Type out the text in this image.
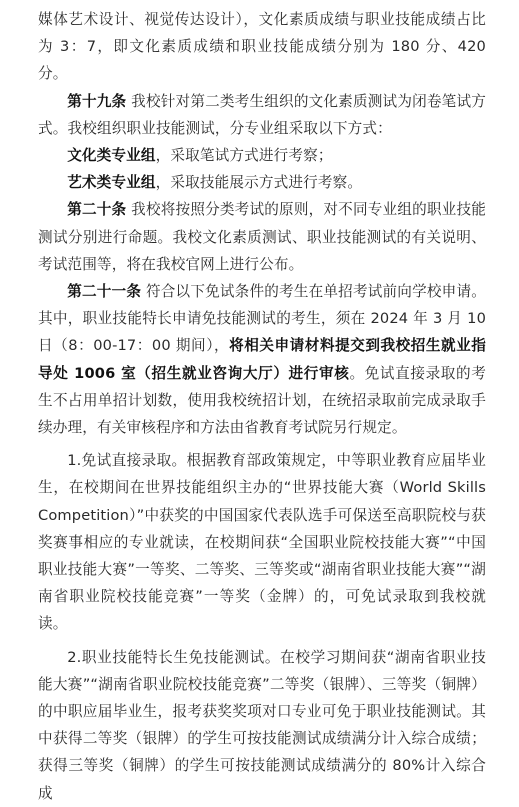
媒体艺术设计、视觉传达设计），文化素质成绩与职业技能成绩占比为 3：7，即文化素质成绩和职业技能成绩分别为 180 分、420 分。

第十九条 我校针对第二类考生组织的文化素质测试为闭卷笔试方式。我校组织职业技能测试，分专业组采取以下方式：

文化类专业组，采取笔试方式进行考察；

艺术类专业组，采取技能展示方式进行考察。

第二十条 我校将按照分类考试的原则，对不同专业组的职业技能测试分别进行命题。我校文化素质测试、职业技能测试的有关说明、考试范围等，将在我校官网上进行公布。

第二十一条 符合以下免试条件的考生在单招考试前向学校申请。其中，职业技能特长申请免技能测试的考生，须在 2024 年 3 月 10 日（8：00-17：00 期间），将相关申请材料提交到我校招生就业指导处 1006 室（招生就业咨询大厅）进行审核。免试直接录取的考生不占用单招计划数，使用我校统招计划，在统招录取前完成录取手续办理，有关审核程序和方法由省教育考试院另行规定。

1.免试直接录取。根据教育部政策规定，中等职业教育应届毕业生，在校期间在世界技能组织主办的“世界技能大赛（World Skills Competition）”中获奖的中国国家代表队选手可保送至高职院校与获奖赛事相应的专业就读，在校期间获“全国职业院校技能大赛”“中国职业技能大赛”一等奖、二等奖、三等奖或“湖南省职业技能大赛”“湖南省职业院校技能竞赛”一等奖（金牌）的，可免试录取到我校就读。

2.职业技能特长生免技能测试。在校学习期间获“湖南省职业技能大赛”“湖南省职业院校技能竞赛”二等奖（银牌）、三等奖（铜牌）的中职应届毕业生，报考获奖奖项对口专业可免于职业技能测试。其中获得二等奖（银牌）的学生可按技能测试成绩满分计入综合成绩；获得三等奖（铜牌）的学生可按技能测试成绩满分的 80%计入综合成
